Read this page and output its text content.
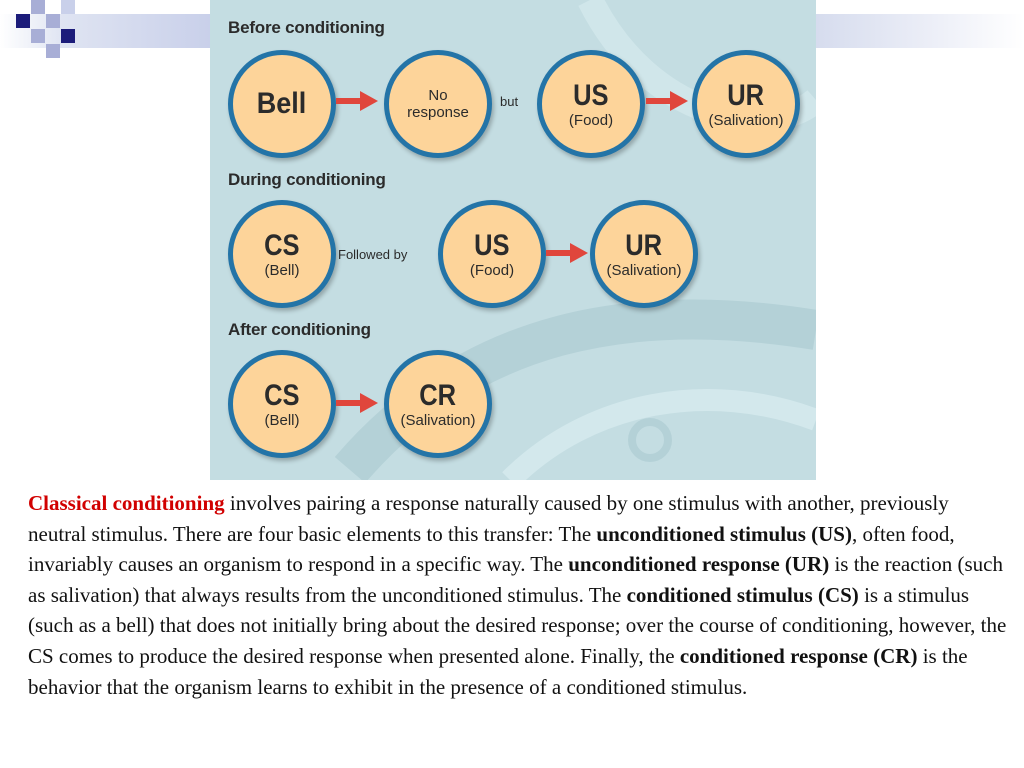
Before conditioning
Bell	No
response
but US
(Food)
UR
(Salivation)
During conditioning
CS
(Bell)
Followed by US
(Food)
UR
(Salivation)
After conditioning
CS
(Bell)
CR
(Salivation)
Classical conditioning involves pairing a response naturally caused by one stimulus with another, previously neutral stimulus. There are four basic elements to this transfer: The unconditioned stimulus (US), often food, invariably causes an organism to respond in a specific way. The unconditioned response (UR) is the reaction (such as salivation) that always results from the unconditioned stimulus. The conditioned stimulus (CS) is a stimulus (such as a bell) that does not initially bring about the desired response; over the course of conditioning, however, the CS comes to produce the desired response when presented alone. Finally, the conditioned response (CR) is the behavior that the organism learns to exhibit in the presence of a conditioned stimulus.
